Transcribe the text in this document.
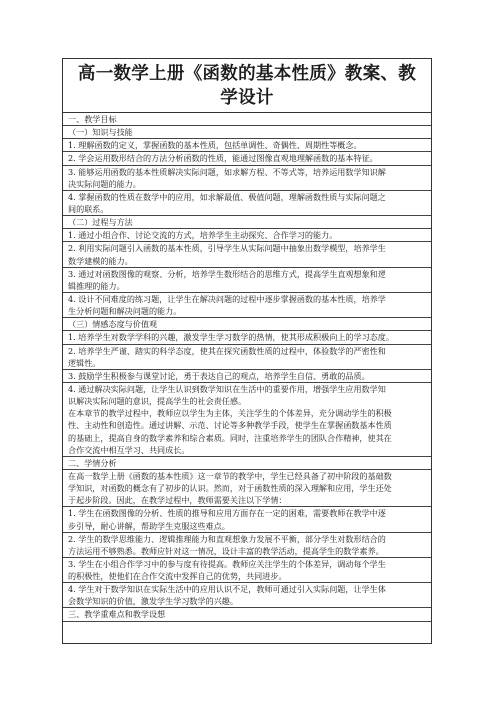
高一数学上册《函数的基本性质》教案、教
学设计
一、教学目标
（一）知识与技能
1. 理解函数的定义，掌握函数的基本性质，包括单调性、奇偶性、周期性等概念。
2. 学会运用数形结合的方法分析函数的性质，能通过图像直观地理解函数的基本特征。
3. 能够运用函数的基本性质解决实际问题，如求解方程、不等式等，培养运用数学知识解
决实际问题的能力。
4. 掌握函数的性质在数学中的应用，如求解最值、极值问题，理解函数性质与实际问题之
间的联系。
（二）过程与方法
1. 通过小组合作、讨论交流的方式，培养学生主动探究、合作学习的能力。
2. 利用实际问题引入函数的基本性质，引导学生从实际问题中抽象出数学模型，培养学生
数学建模的能力。
3. 通过对函数图像的观察、分析，培养学生数形结合的思维方式，提高学生直观想象和逻
辑推理的能力。
4. 设计不同难度的练习题，让学生在解决问题的过程中逐步掌握函数的基本性质，培养学
生分析问题和解决问题的能力。
（三）情感态度与价值观
1. 培养学生对数学学科的兴趣，激发学生学习数学的热情，使其形成积极向上的学习态度。
2. 培养学生严谨、踏实的科学态度，使其在探究函数性质的过程中，体验数学的严密性和
逻辑性。
3. 鼓励学生积极参与课堂讨论，勇于表达自己的观点，培养学生自信、勇敢的品质。
4. 通过解决实际问题，让学生认识到数学知识在生活中的重要作用，增强学生应用数学知
识解决实际问题的意识，提高学生的社会责任感。
在本章节的教学过程中，教师应以学生为主体，关注学生的个体差异，充分调动学生的积极
性、主动性和创造性。通过讲解、示范、讨论等多种教学手段，使学生在掌握函数基本性质
的基础上，提高自身的数学素养和综合素质。同时，注重培养学生的团队合作精神，使其在
合作交流中相互学习、共同成长。
二、学情分析
在高一数学上册《函数的基本性质》这一章节的教学中，学生已经具备了初中阶段的基础数
学知识，对函数的概念有了初步的认识。然而，对于函数性质的深入理解和应用，学生还处
于起步阶段。因此，在教学过程中，教师需要关注以下学情：
1. 学生在函数图像的分析、性质的推导和应用方面存在一定的困难，需要教师在教学中逐
步引导，耐心讲解，帮助学生克服这些难点。
2. 学生的数学思维能力、逻辑推理能力和直观想象力发展不平衡，部分学生对数形结合的
方法运用不够熟悉。教师应针对这一情况，设计丰富的教学活动，提高学生的数学素养。
3. 学生在小组合作学习中的参与度有待提高。教师应关注学生的个体差异，调动每个学生
的积极性，使他们在合作交流中发挥自己的优势，共同进步。
4. 学生对于数学知识在实际生活中的应用认识不足，教师可通过引入实际问题，让学生体
会数学知识的价值，激发学生学习数学的兴趣。
三、教学重难点和教学设想
